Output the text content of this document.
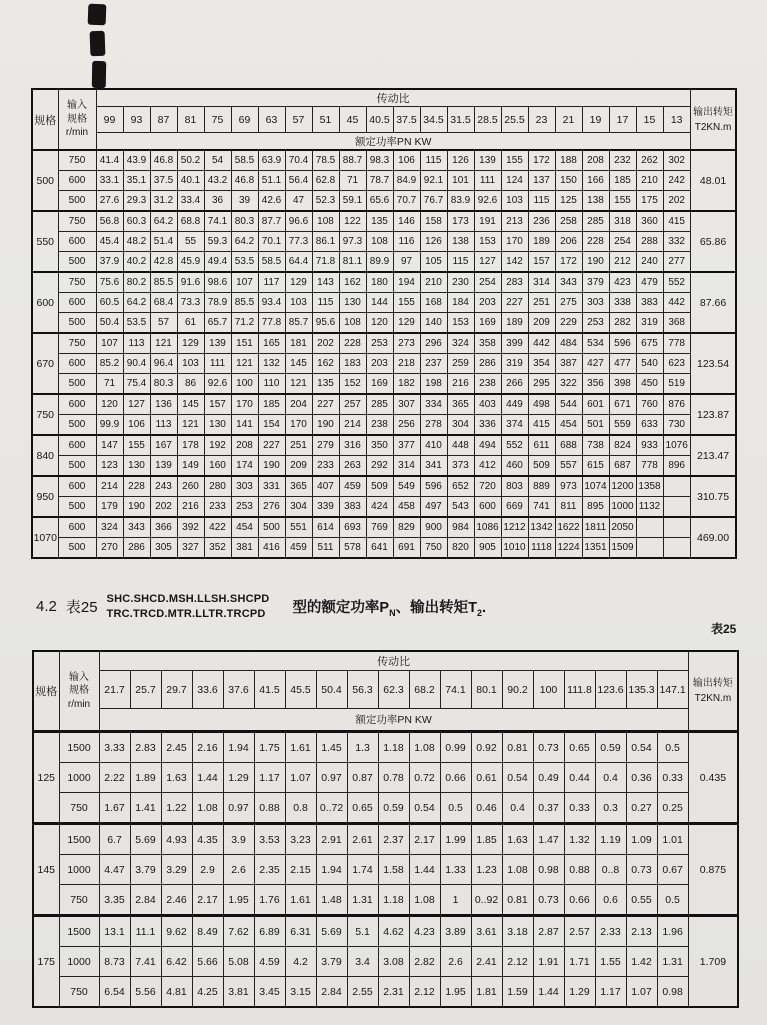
规格	
输入
规格
r/min
	传动比	
输出转矩
T2KN.m

		99	93	87	81	75	69	63	57	51	45	40.5	37.5	34.5	31.5	28.5	25.5	23	21	19	17	15	13	
		额定功率PN KW																						
500	750	41.4	43.9	46.8	50.2	54	58.5	63.9	70.4	78.5	88.7	98.3	106	115	126	139	155	172	188	208	232	262	302	48.01
	600	33.1	35.1	37.5	40.1	43.2	46.8	51.1	56.4	62.8	71	78.7	84.9	92.1	101	111	124	137	150	166	185	210	242	
	500	27.6	29.3	31.2	33.4	36	39	42.6	47	52.3	59.1	65.6	70.7	76.7	83.9	92.6	103	115	125	138	155	175	202	
550	750	56.8	60.3	64.2	68.8	74.1	80.3	87.7	96.6	108	122	135	146	158	173	191	213	236	258	285	318	360	415	65.86
	600	45.4	48.2	51.4	55	59.3	64.2	70.1	77.3	86.1	97.3	108	116	126	138	153	170	189	206	228	254	288	332	
	500	37.9	40.2	42.8	45.9	49.4	53.5	58.5	64.4	71.8	81.1	89.9	97	105	115	127	142	157	172	190	212	240	277	
600	750	75.6	80.2	85.5	91.6	98.6	107	117	129	143	162	180	194	210	230	254	283	314	343	379	423	479	552	87.66
	600	60.5	64.2	68.4	73.3	78.9	85.5	93.4	103	115	130	144	155	168	184	203	227	251	275	303	338	383	442	
	500	50.4	53.5	57	61	65.7	71.2	77.8	85.7	95.6	108	120	129	140	153	169	189	209	229	253	282	319	368	
670	750	107	113	121	129	139	151	165	181	202	228	253	273	296	324	358	399	442	484	534	596	675	778	123.54
	600	85.2	90.4	96.4	103	111	121	132	145	162	183	203	218	237	259	286	319	354	387	427	477	540	623	
	500	71	75.4	80.3	86	92.6	100	110	121	135	152	169	182	198	216	238	266	295	322	356	398	450	519	
750	600	120	127	136	145	157	170	185	204	227	257	285	307	334	365	403	449	498	544	601	671	760	876	123.87
	500	99.9	106	113	121	130	141	154	170	190	214	238	256	278	304	336	374	415	454	501	559	633	730	
840	600	147	155	167	178	192	208	227	251	279	316	350	377	410	448	494	552	611	688	738	824	933	1076	213.47
	500	123	130	139	149	160	174	190	209	233	263	292	314	341	373	412	460	509	557	615	687	778	896	
950	600	214	228	243	260	280	303	331	365	407	459	509	549	596	652	720	803	889	973	1074	1200	1358		310.75
	500	179	190	202	216	233	253	276	304	339	383	424	458	497	543	600	669	741	811	895	1000	1132		
1070	600	324	343	366	392	422	454	500	551	614	693	769	829	900	984	1086	1212	1342	1622	1811	2050			469.00
	500	270	286	305	327	352	381	416	459	511	578	641	691	750	820	905	1010	1118	1224	1351	1509			
4.2 表25
SHC.SHCD.MSH.LLSH.SHCPD
TRC.TRCD.MTR.LLTR.TRCPD 型的额定功率$P_N$、输出转矩$T_2$.
表25
规格	
输入
规格
r/min
	传动比	
输出转矩
T2KN.m

		21.7	25.7	29.7	33.6	37.6	41.5	45.5	50.4	56.3	62.3	68.2	74.1	80.1	90.2	100	111.8	123.6	135.3	147.1	
		额定功率PN KW																			
125	1500	3.33	2.83	2.45	2.16	1.94	1.75	1.61	1.45	1.3	1.18	1.08	0.99	0.92	0.81	0.73	0.65	0.59	0.54	0.5	0.435
	1000	2.22	1.89	1.63	1.44	1.29	1.17	1.07	0.97	0.87	0.78	0.72	0.66	0.61	0.54	0.49	0.44	0.4	0.36	0.33	
	750	1.67	1.41	1.22	1.08	0.97	0.88	0.8	0..72	0.65	0.59	0.54	0.5	0.46	0.4	0.37	0.33	0.3	0.27	0.25	
145	1500	6.7	5.69	4.93	4.35	3.9	3.53	3.23	2.91	2.61	2.37	2.17	1.99	1.85	1.63	1.47	1.32	1.19	1.09	1.01	0.875
	1000	4.47	3.79	3.29	2.9	2.6	2.35	2.15	1.94	1.74	1.58	1.44	1.33	1.23	1.08	0.98	0.88	0..8	0.73	0.67	
	750	3.35	2.84	2.46	2.17	1.95	1.76	1.61	1.48	1.31	1.18	1.08	1	0..92	0.81	0.73	0.66	0.6	0.55	0.5	
175	1500	13.1	11.1	9.62	8.49	7.62	6.89	6.31	5.69	5.1	4.62	4.23	3.89	3.61	3.18	2.87	2.57	2.33	2.13	1.96	1.709
	1000	8.73	7.41	6.42	5.66	5.08	4.59	4.2	3.79	3.4	3.08	2.82	2.6	2.41	2.12	1.91	1.71	1.55	1.42	1.31	
	750	6.54	5.56	4.81	4.25	3.81	3.45	3.15	2.84	2.55	2.31	2.12	1.95	1.81	1.59	1.44	1.29	1.17	1.07	0.98	
